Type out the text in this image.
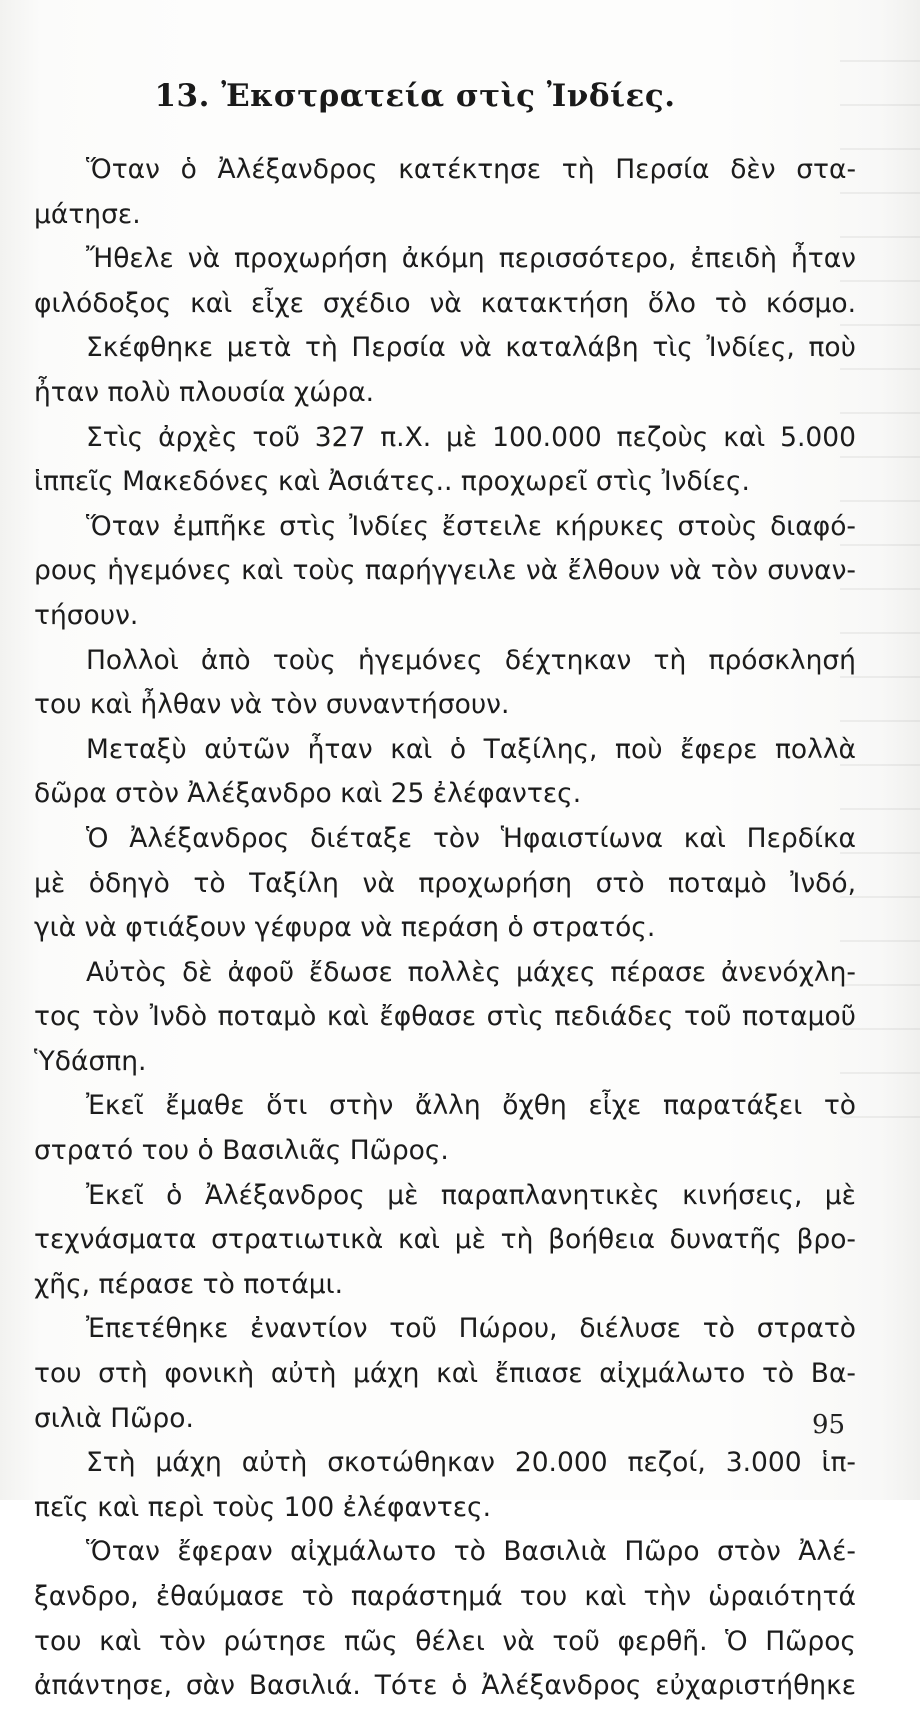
13. Ἐκστρατεία στὶς Ἰνδίες.
Ὅταν ὁ Ἀλέξανδρος κατέκτησε τὴ Περσία δὲν στα-
μάτησε.
Ἤθελε νὰ προχωρήση ἀκόμη περισσότερο, ἐπειδὴ ἦταν
φιλόδοξος καὶ εἶχε σχέδιο νὰ κατακτήση ὅλο τὸ κόσμο.
Σκέφθηκε μετὰ τὴ Περσία νὰ καταλάβη τὶς Ἰνδίες, ποὺ
ἦταν πολὺ πλουσία χώρα.
Στὶς ἀρχὲς τοῦ 327 π.Χ. μὲ 100.000 πεζοὺς καὶ 5.000
ἱππεῖς Μακεδόνες καὶ Ἀσιάτες.. προχωρεῖ στὶς Ἰνδίες.
Ὅταν ἐμπῆκε στὶς Ἰνδίες ἔστειλε κήρυκες στοὺς διαφό-
ρους ἡγεμόνες καὶ τοὺς παρήγγειλε νὰ ἔλθουν νὰ τὸν συναν-
τήσουν.
Πολλοὶ ἀπὸ τοὺς ἡγεμόνες δέχτηκαν τὴ πρόσκλησή
του καὶ ἦλθαν νὰ τὸν συναντήσουν.
Μεταξὺ αὐτῶν ἦταν καὶ ὁ Ταξίλης, ποὺ ἔφερε πολλὰ
δῶρα στὸν Ἀλέξανδρο καὶ 25 ἐλέφαντες.
Ὁ Ἀλέξανδρος διέταξε τὸν Ἡφαιστίωνα καὶ Περδίκα
μὲ ὁδηγὸ τὸ Ταξίλη νὰ προχωρήση στὸ ποταμὸ Ἰνδό,
γιὰ νὰ φτιάξουν γέφυρα νὰ περάση ὁ στρατός.
Αὐτὸς δὲ ἀφοῦ ἔδωσε πολλὲς μάχες πέρασε ἀνενόχλη-
τος τὸν Ἰνδὸ ποταμὸ καὶ ἔφθασε στὶς πεδιάδες τοῦ ποταμοῦ
Ὑδάσπη.
Ἐκεῖ ἔμαθε ὅτι στὴν ἄλλη ὄχθη εἶχε παρατάξει τὸ
στρατό του ὁ Βασιλιᾶς Πῶρος.
Ἐκεῖ ὁ Ἀλέξανδρος μὲ παραπλανητικὲς κινήσεις, μὲ
τεχνάσματα στρατιωτικὰ καὶ μὲ τὴ βοήθεια δυνατῆς βρο-
χῆς, πέρασε τὸ ποτάμι.
Ἐπετέθηκε ἐναντίον τοῦ Πώρου, διέλυσε τὸ στρατὸ
του στὴ φονικὴ αὐτὴ μάχη καὶ ἔπιασε αἰχμάλωτο τὸ Βα-
σιλιὰ Πῶρο.
Στὴ μάχη αὐτὴ σκοτώθηκαν 20.000 πεζοί, 3.000 ἱπ-
πεῖς καὶ περὶ τοὺς 100 ἐλέφαντες.
Ὅταν ἔφεραν αἰχμάλωτο τὸ Βασιλιὰ Πῶρο στὸν Ἀλέ-
ξανδρο, ἐθαύμασε τὸ παράστημά του καὶ τὴν ὡραιότητά
του καὶ τὸν ρώτησε πῶς θέλει νὰ τοῦ φερθῆ. Ὁ Πῶρος
ἀπάντησε, σὰν Βασιλιά. Τότε ὁ Ἀλέξανδρος εὐχαριστήθηκε
95
